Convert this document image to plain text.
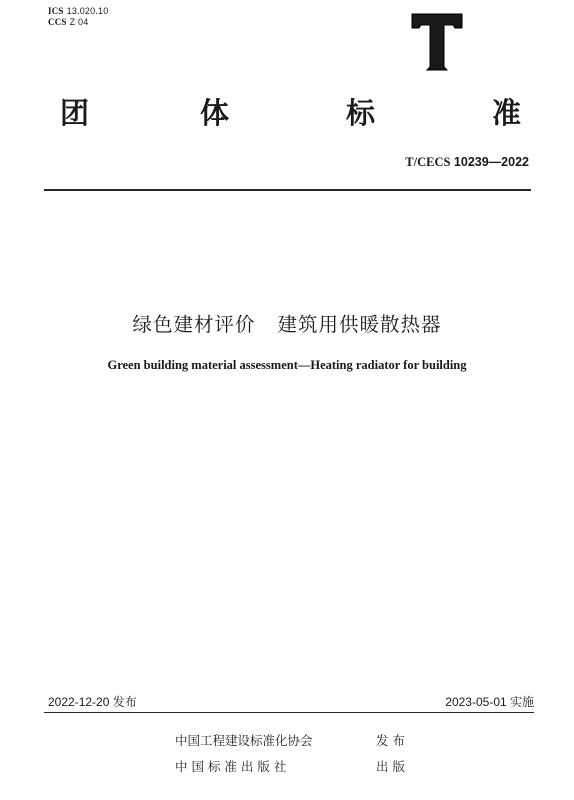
ICS 13.020.10
CCS Z 04
团	体	标	准
T/CECS 10239—2022
绿色建材评价 建筑用供暖散热器
Green building material assessment—Heating radiator for building
2022-12-20 发布	2023-05-01 实施
中国工程建设标准化协会	发 布
中 国 标 准 出 版 社	出 版
